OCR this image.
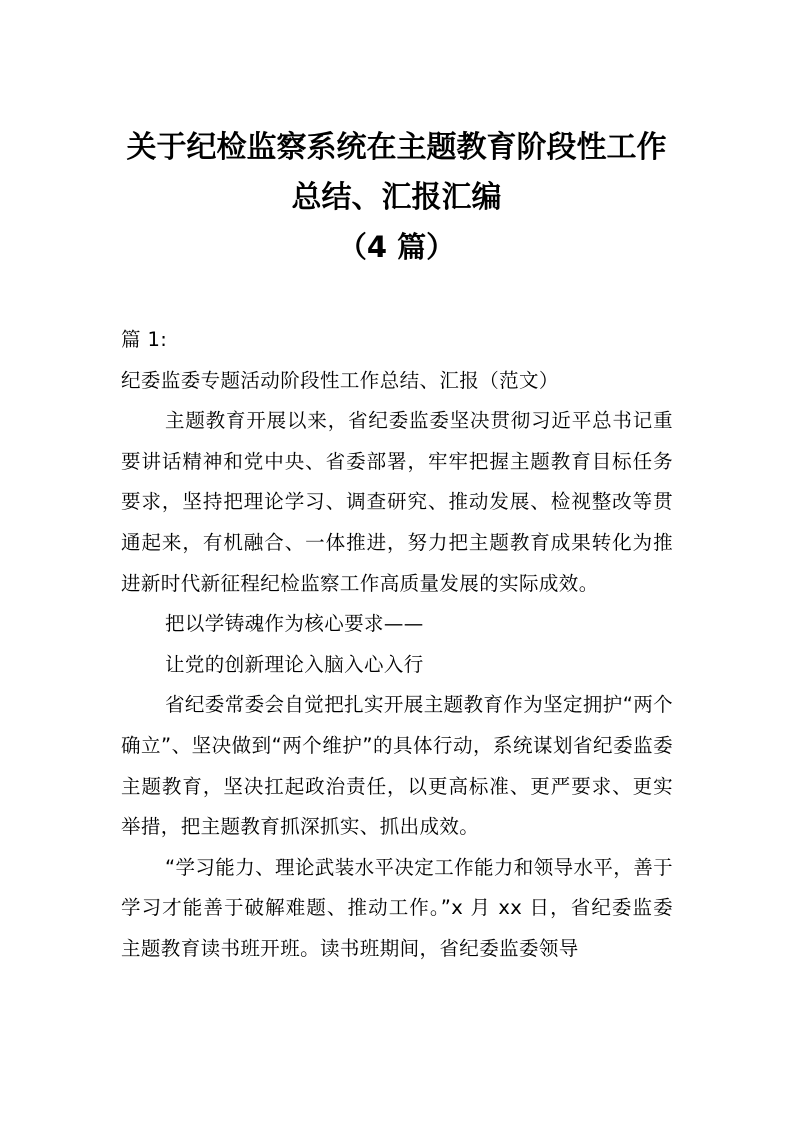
关于纪检监察系统在主题教育阶段性工作
总结、汇报汇编
（4 篇）

篇 1:

纪委监委专题活动阶段性工作总结、汇报（范文）

主题教育开展以来，省纪委监委坚决贯彻习近平总书记重要讲话精神和党中央、省委部署，牢牢把握主题教育目标任务要求，坚持把理论学习、调查研究、推动发展、检视整改等贯通起来，有机融合、一体推进，努力把主题教育成果转化为推进新时代新征程纪检监察工作高质量发展的实际成效。

把以学铸魂作为核心要求——

让党的创新理论入脑入心入行

省纪委常委会自觉把扎实开展主题教育作为坚定拥护“两个确立”、坚决做到“两个维护”的具体行动，系统谋划省纪委监委主题教育，坚决扛起政治责任，以更高标准、更严要求、更实举措，把主题教育抓深抓实、抓出成效。

“学习能力、理论武装水平决定工作能力和领导水平，善于学习才能善于破解难题、推动工作。”x 月 xx 日，省纪委监委主题教育读书班开班。读书班期间，省纪委监委领导
